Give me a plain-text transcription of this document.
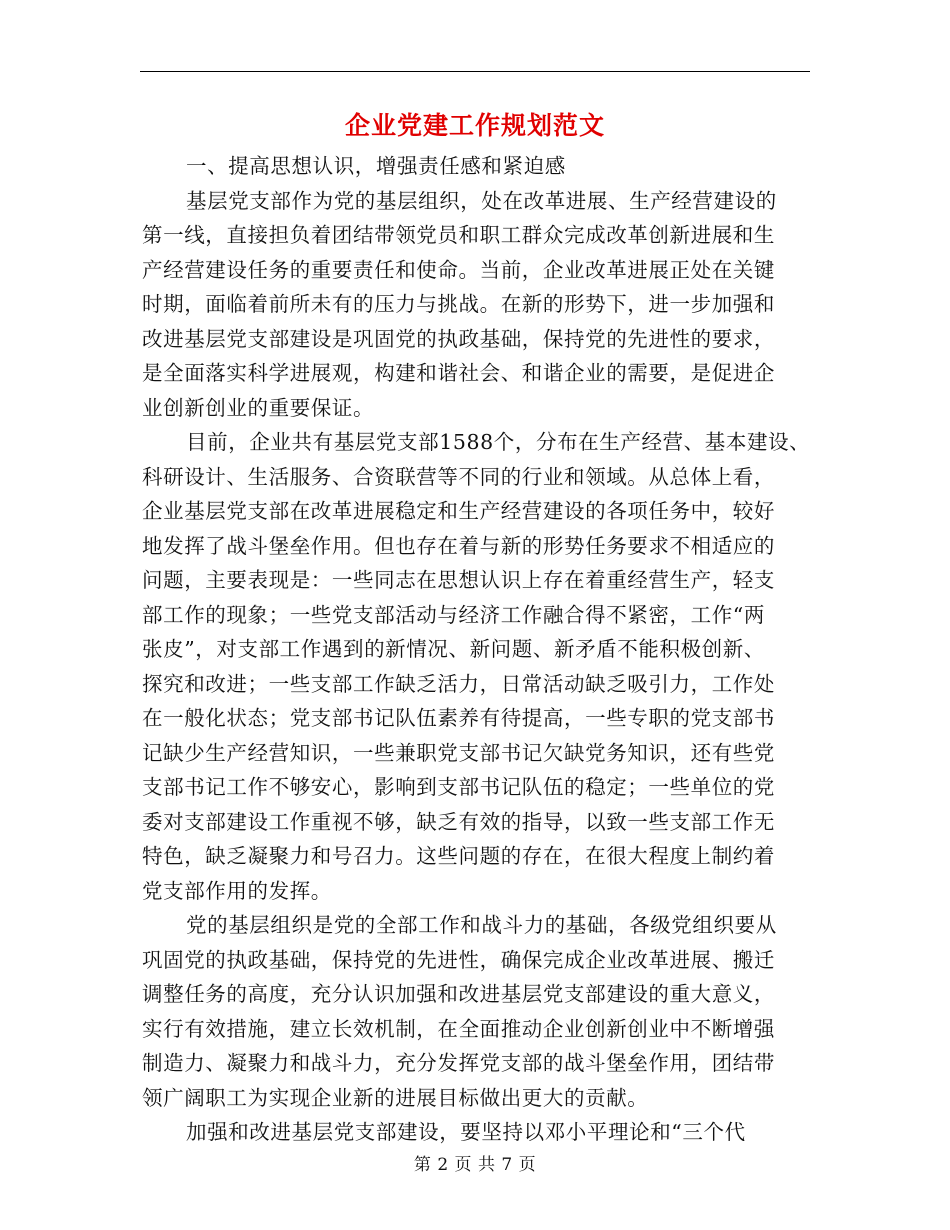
企业党建工作规划范文
一、提高思想认识，增强责任感和紧迫感
基层党支部作为党的基层组织，处在改革进展、生产经营建设的
第一线，直接担负着团结带领党员和职工群众完成改革创新进展和生
产经营建设任务的重要责任和使命。当前，企业改革进展正处在关键
时期，面临着前所未有的压力与挑战。在新的形势下，进一步加强和
改进基层党支部建设是巩固党的执政基础，保持党的先进性的要求，
是全面落实科学进展观，构建和谐社会、和谐企业的需要，是促进企
业创新创业的重要保证。
目前，企业共有基层党支部1588个，分布在生产经营、基本建设、
科研设计、生活服务、合资联营等不同的行业和领域。从总体上看，
企业基层党支部在改革进展稳定和生产经营建设的各项任务中，较好
地发挥了战斗堡垒作用。但也存在着与新的形势任务要求不相适应的
问题，主要表现是：一些同志在思想认识上存在着重经营生产，轻支
部工作的现象；一些党支部活动与经济工作融合得不紧密，工作“两
张皮”，对支部工作遇到的新情况、新问题、新矛盾不能积极创新、
探究和改进；一些支部工作缺乏活力，日常活动缺乏吸引力，工作处
在一般化状态；党支部书记队伍素养有待提高，一些专职的党支部书
记缺少生产经营知识，一些兼职党支部书记欠缺党务知识，还有些党
支部书记工作不够安心，影响到支部书记队伍的稳定；一些单位的党
委对支部建设工作重视不够，缺乏有效的指导，以致一些支部工作无
特色，缺乏凝聚力和号召力。这些问题的存在，在很大程度上制约着
党支部作用的发挥。
党的基层组织是党的全部工作和战斗力的基础，各级党组织要从
巩固党的执政基础，保持党的先进性，确保完成企业改革进展、搬迁
调整任务的高度，充分认识加强和改进基层党支部建设的重大意义，
实行有效措施，建立长效机制，在全面推动企业创新创业中不断增强
制造力、凝聚力和战斗力，充分发挥党支部的战斗堡垒作用，团结带
领广阔职工为实现企业新的进展目标做出更大的贡献。
加强和改进基层党支部建设，要坚持以邓小平理论和“三个代
第 2 页 共 7 页
